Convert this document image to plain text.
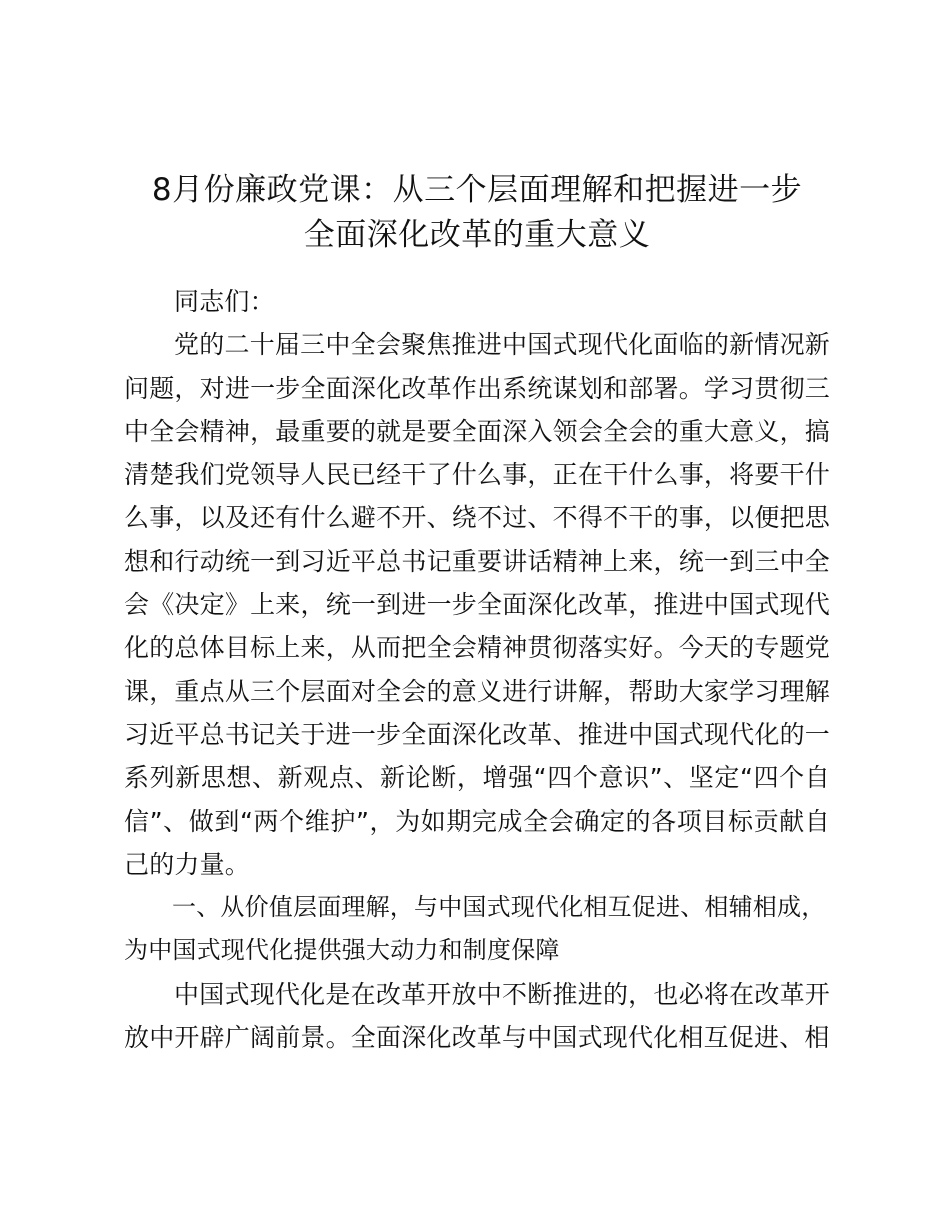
8月份廉政党课：从三个层面理解和把握进一步
全面深化改革的重大意义

同志们：

党的二十届三中全会聚焦推进中国式现代化面临的新情况新问题，对进一步全面深化改革作出系统谋划和部署。学习贯彻三中全会精神，最重要的就是要全面深入领会全会的重大意义，搞清楚我们党领导人民已经干了什么事，正在干什么事，将要干什么事，以及还有什么避不开、绕不过、不得不干的事，以便把思想和行动统一到习近平总书记重要讲话精神上来，统一到三中全会《决定》上来，统一到进一步全面深化改革，推进中国式现代化的总体目标上来，从而把全会精神贯彻落实好。今天的专题党课，重点从三个层面对全会的意义进行讲解，帮助大家学习理解习近平总书记关于进一步全面深化改革、推进中国式现代化的一系列新思想、新观点、新论断，增强“四个意识”、坚定“四个自信”、做到“两个维护”，为如期完成全会确定的各项目标贡献自己的力量。

一、从价值层面理解，与中国式现代化相互促进、相辅相成，为中国式现代化提供强大动力和制度保障

中国式现代化是在改革开放中不断推进的，也必将在改革开放中开辟广阔前景。全面深化改革与中国式现代化相互促进、相
